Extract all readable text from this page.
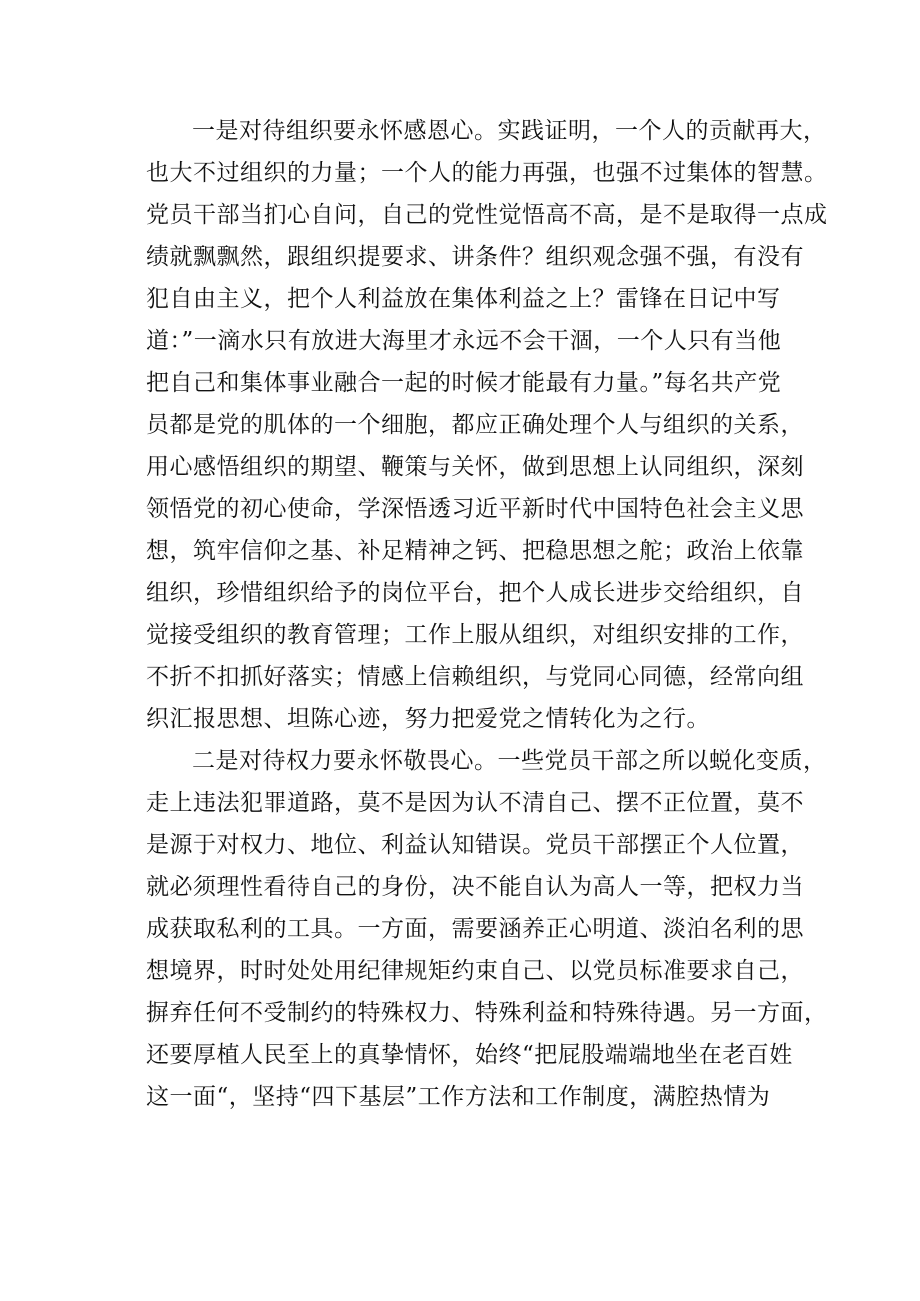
一是对待组织要永怀感恩心。实践证明，一个人的贡献再大，
也大不过组织的力量；一个人的能力再强，也强不过集体的智慧。
党员干部当扪心自问，自己的党性觉悟高不高，是不是取得一点成
绩就飘飘然，跟组织提要求、讲条件？组织观念强不强，有没有
犯自由主义，把个人利益放在集体利益之上？雷锋在日记中写
道：”一滴水只有放进大海里才永远不会干涸，一个人只有当他
把自己和集体事业融合一起的时候才能最有力量。”每名共产党
员都是党的肌体的一个细胞，都应正确处理个人与组织的关系，
用心感悟组织的期望、鞭策与关怀，做到思想上认同组织，深刻
领悟党的初心使命，学深悟透习近平新时代中国特色社会主义思
想，筑牢信仰之基、补足精神之钙、把稳思想之舵；政治上依靠
组织，珍惜组织给予的岗位平台，把个人成长进步交给组织，自
觉接受组织的教育管理；工作上服从组织，对组织安排的工作，
不折不扣抓好落实；情感上信赖组织，与党同心同德，经常向组
织汇报思想、坦陈心迹，努力把爱党之情转化为之行。
二是对待权力要永怀敬畏心。一些党员干部之所以蜕化变质，
走上违法犯罪道路，莫不是因为认不清自己、摆不正位置，莫不
是源于对权力、地位、利益认知错误。党员干部摆正个人位置，
就必须理性看待自己的身份，决不能自认为高人一等，把权力当
成获取私利的工具。一方面，需要涵养正心明道、淡泊名利的思
想境界，时时处处用纪律规矩约束自己、以党员标准要求自己，
摒弃任何不受制约的特殊权力、特殊利益和特殊待遇。另一方面，
还要厚植人民至上的真挚情怀，始终“把屁股端端地坐在老百姓
这一面“，坚持“四下基层”工作方法和工作制度，满腔热情为
